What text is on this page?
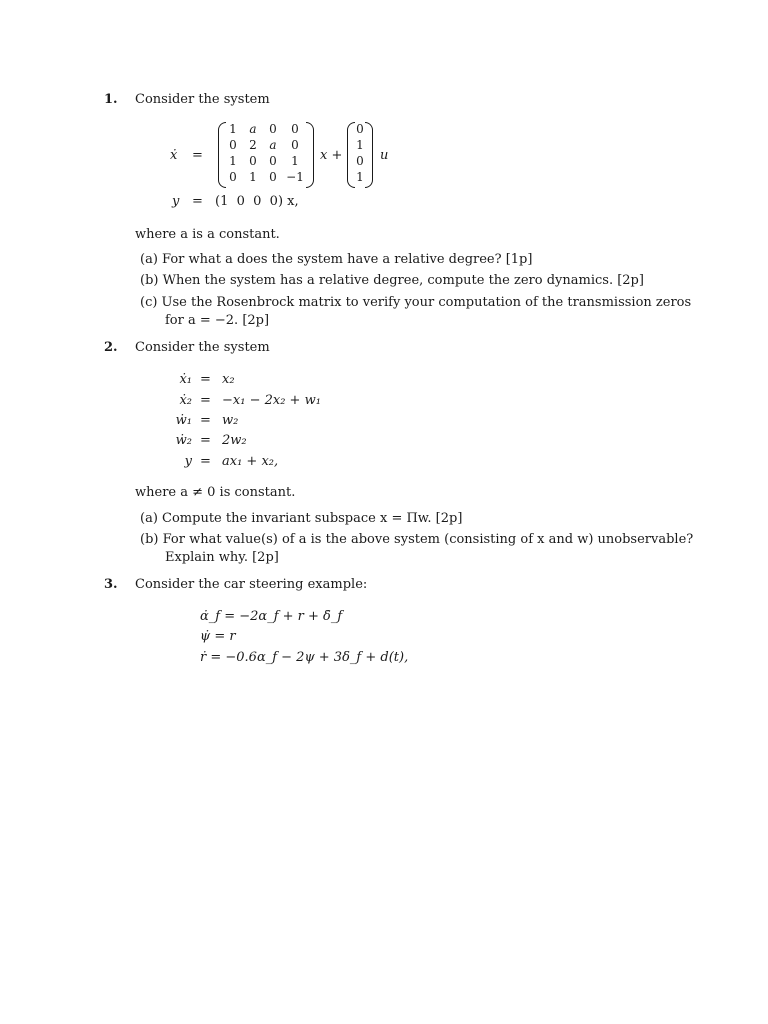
1. Consider the system
ẋ =
1	a	0	0
0	2	a	0
1	0	0	1
0	1	0 −1
x +
0
1
0
1
u
y = (1  0  0  0) x,
where a is a constant.
(a) For what a does the system have a relative degree? [1p]
(b) When the system has a relative degree, compute the zero dynamics. [2p]
(c) Use the Rosenbrock matrix to verify your computation of the transmission zeros
for a = −2. [2p]
2. Consider the system
ẋ₁ = x₂
ẋ₂ = −x₁ − 2x₂ + w₁
ẇ₁ = w₂
ẇ₂ = 2w₂
y = ax₁ + x₂,
where a ≠ 0 is constant.
(a) Compute the invariant subspace x = Πw. [2p]
(b) For what value(s) of a is the above system (consisting of x and w) unobservable?
Explain why. [2p]
3. Consider the car steering example:
α̇_f = −2α_f + r + δ̇_f
ψ̇ = r
ṙ = −0.6α_f − 2ψ + 3δ_f + d(t),
